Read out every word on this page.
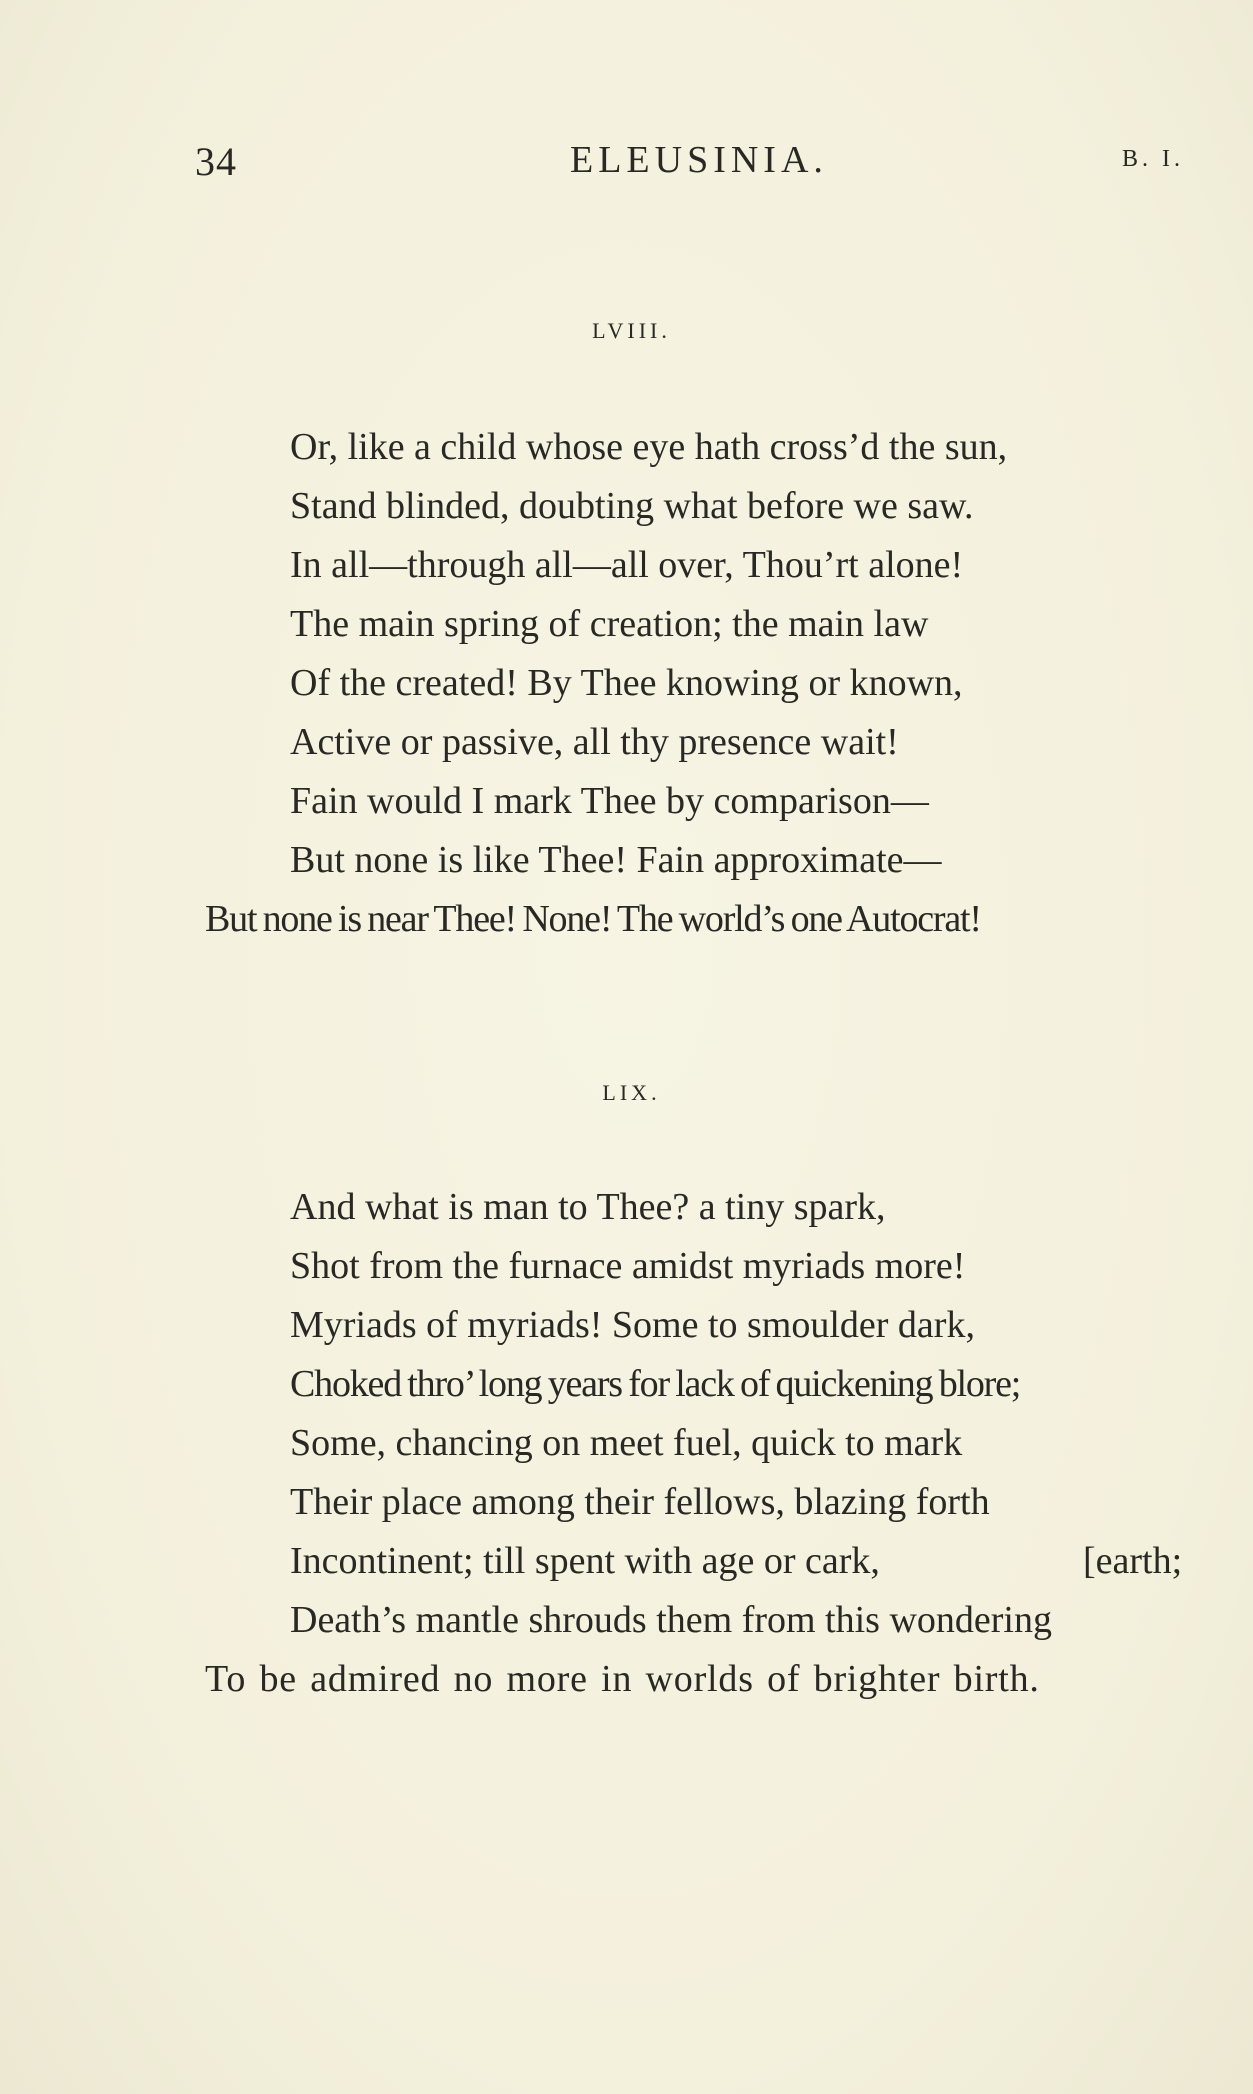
34	ELEUSINIA.	B. I.
LVIII.
Or, like a child whose eye hath cross’d the sun,
Stand blinded, doubting what before we saw.
In all—through all—all over, Thou’rt alone!
The main spring of creation; the main law
Of the created! By Thee knowing or known,
Active or passive, all thy presence wait!
Fain would I mark Thee by comparison—
But none is like Thee! Fain approximate—
But none is near Thee! None! The world’s one Autocrat!
LIX.
And what is man to Thee? a tiny spark,
Shot from the furnace amidst myriads more!
Myriads of myriads! Some to smoulder dark,
Choked thro’ long years for lack of quickening blore;
Some, chancing on meet fuel, quick to mark
Their place among their fellows, blazing forth
Incontinent; till spent with age or cark,	[earth;
Death’s mantle shrouds them from this wondering
To be admired no more in worlds of brighter birth.
